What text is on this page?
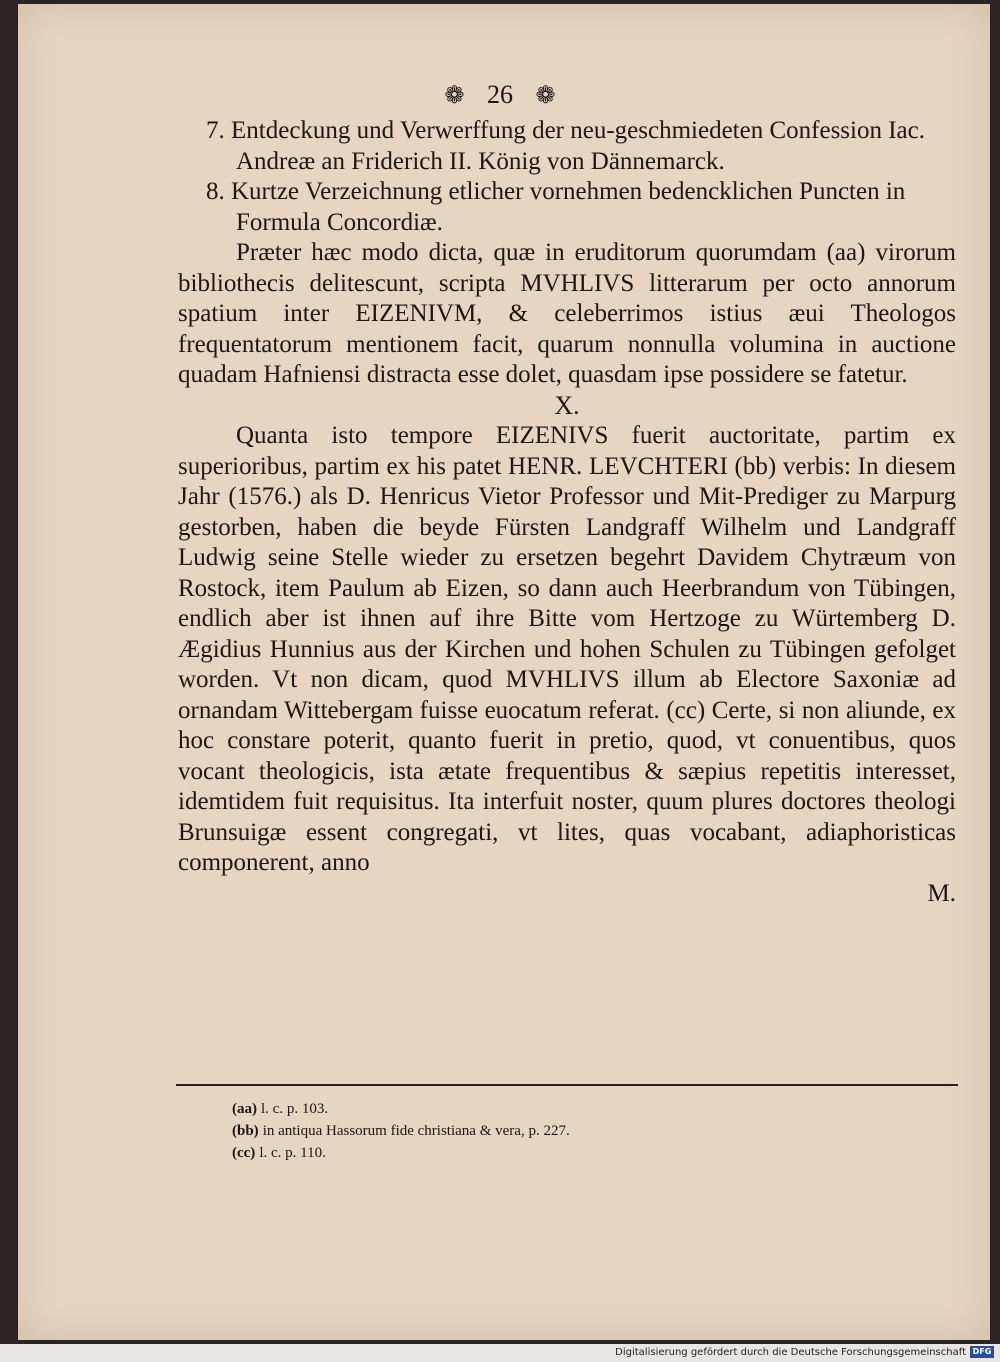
❁ 26 ❁

7. Entdeckung und Verwerffung der neu-geschmiedeten Confession Iac. Andreæ an Friderich II. König von Dännemarck.

8. Kurtze Verzeichnung etlicher vornehmen bedencklichen Puncten in Formula Concordiæ.

Præter hæc modo dicta, quæ in eruditorum quorumdam (aa) virorum bibliothecis delitescunt, scripta MVHLIVS litterarum per octo annorum spatium inter EIZENIVM, & celeberrimos istius æui Theologos frequentatorum mentionem facit, quarum nonnulla volumina in auctione quadam Hafniensi distracta esse dolet, quasdam ipse possidere se fatetur.

X.

Quanta isto tempore EIZENIVS fuerit auctoritate, partim ex superioribus, partim ex his patet HENR. LEVCHTERI (bb) verbis: In diesem Jahr (1576.) als D. Henricus Vietor Professor und Mit-Prediger zu Marpurg gestorben, haben die beyde Fürsten Landgraff Wilhelm und Landgraff Ludwig seine Stelle wieder zu ersetzen begehrt Davidem Chytræum von Rostock, item Paulum ab Eizen, so dann auch Heerbrandum von Tübingen, endlich aber ist ihnen auf ihre Bitte vom Hertzoge zu Würtemberg D. Ægidius Hunnius aus der Kirchen und hohen Schulen zu Tübingen gefolget worden. Vt non dicam, quod MVHLIVS illum ab Electore Saxoniæ ad ornandam Wittebergam fuisse euocatum referat. (cc) Certe, si non aliunde, ex hoc constare poterit, quanto fuerit in pretio, quod, vt conuentibus, quos vocant theologicis, ista ætate frequentibus & sæpius repetitis interesset, idemtidem fuit requisitus. Ita interfuit noster, quum plures doctores theologi Brunsuigæ essent congregati, vt lites, quas vocabant, adiaphoristicas componerent, anno

M.

(aa) l. c. p. 103.

(bb) in antiqua Hassorum fide christiana & vera, p. 227.

(cc) l. c. p. 110.

Digitalisierung gefördert durch die Deutsche Forschungsgemeinschaft DFG
